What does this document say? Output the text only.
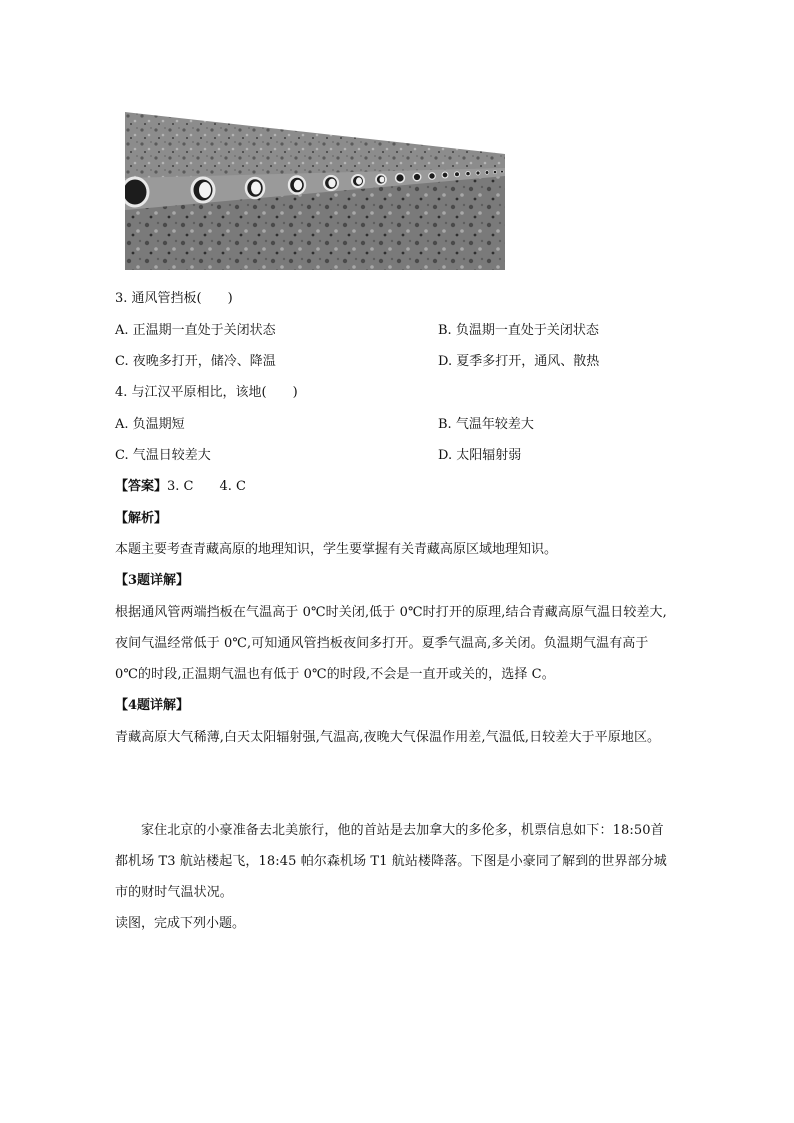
3. 通风管挡板(　　)
A. 正温期一直处于关闭状态	B. 负温期一直处于关闭状态
C. 夜晚多打开，储冷、降温	D. 夏季多打开，通风、散热
4. 与江汉平原相比，该地(　　)
A. 负温期短	B. 气温年较差大
C. 气温日较差大	D. 太阳辐射弱
【答案】3. C　　4. C
【解析】
本题主要考查青藏高原的地理知识，学生要掌握有关青藏高原区域地理知识。
【3题详解】
根据通风管两端挡板在气温高于 0℃时关闭,低于 0℃时打开的原理,结合青藏高原气温日较差大,夜间气温经常低于 0℃,可知通风管挡板夜间多打开。夏季气温高,多关闭。负温期气温有高于 0℃的时段,正温期气温也有低于 0℃的时段,不会是一直开或关的，选择 C。
【4题详解】
青藏高原大气稀薄,白天太阳辐射强,气温高,夜晚大气保温作用差,气温低,日较差大于平原地区。
家住北京的小豪准备去北美旅行，他的首站是去加拿大的多伦多，机票信息如下：18:50首都机场 T3 航站楼起飞，18:45 帕尔森机场 T1 航站楼降落。下图是小豪同了解到的世界部分城市的财时气温状况。
读图，完成下列小题。
